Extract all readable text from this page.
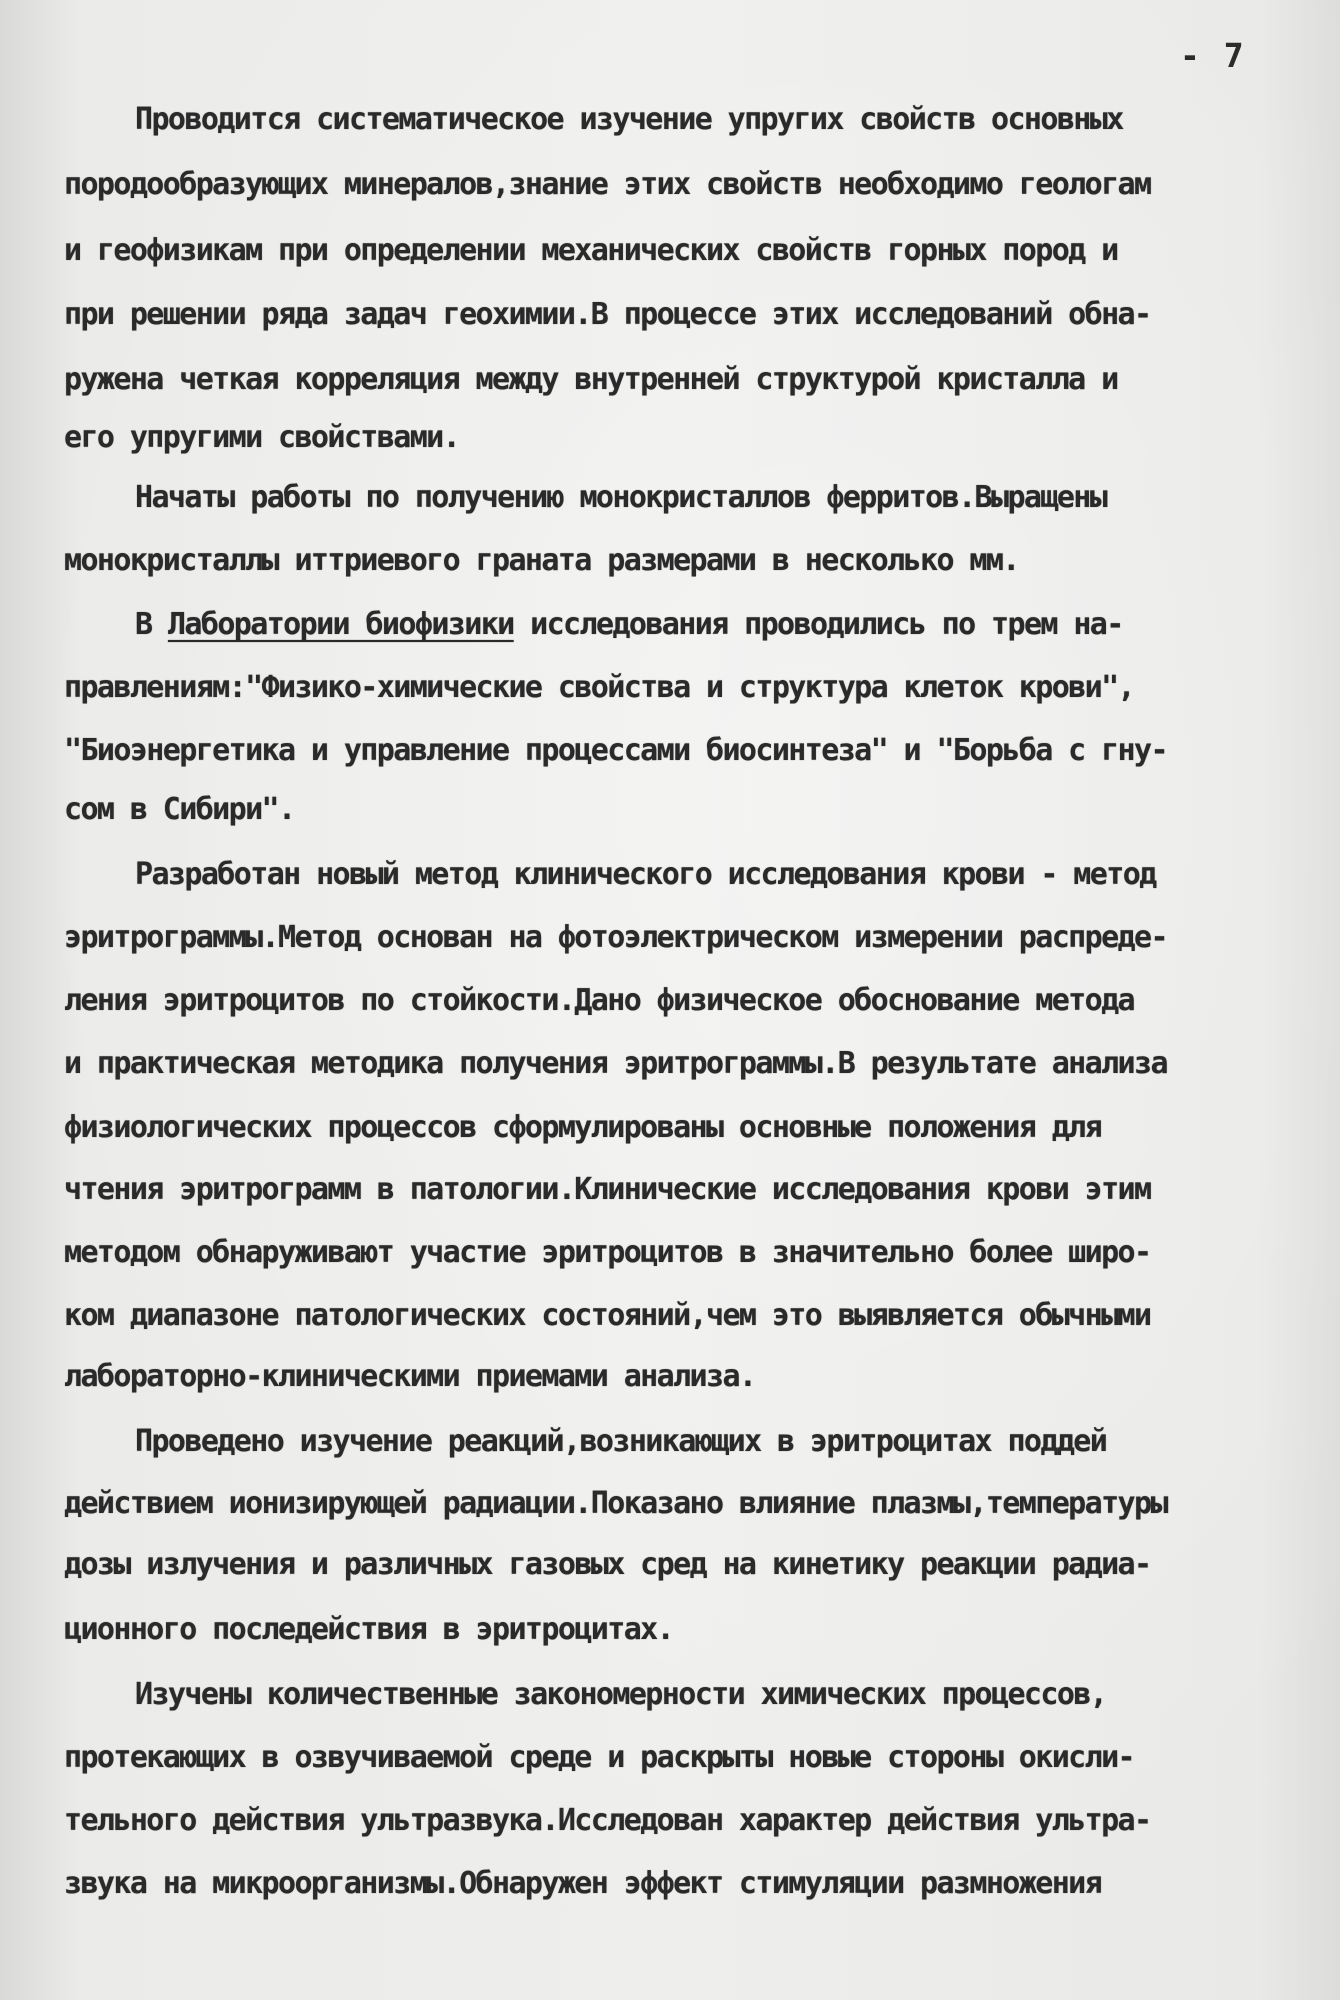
- 7
Проводится систематическое изучение упругих свойств основных
породообразующих минералов,знание этих свойств необходимо геологам
и геофизикам при определении механических свойств горных пород и
при решении ряда задач геохимии.В процессе этих исследований обна-
ружена четкая корреляция между внутренней структурой кристалла и
его упругими свойствами.
Начаты работы по получению монокристаллов ферритов.Выращены
монокристаллы иттриевого граната размерами в несколько мм.
В Лаборатории биофизики исследования проводились по трем на-
правлениям:"Физико-химические свойства и структура клеток крови",
"Биоэнергетика и управление процессами биосинтеза" и "Борьба с гну-
сом в Сибири".
Разработан новый метод клинического исследования крови - метод
эритрограммы.Метод основан на фотоэлектрическом измерении распреде-
ления эритроцитов по стойкости.Дано физическое обоснование метода
и практическая методика получения эритрограммы.В результате анализа
физиологических процессов сформулированы основные положения для
чтения эритрограмм в патологии.Клинические исследования крови этим
методом обнаруживают участие эритроцитов в значительно более широ-
ком диапазоне патологических состояний,чем это выявляется обычными
лабораторно-клиническими приемами анализа.
Проведено изучение реакций,возникающих в эритроцитах поддей
действием ионизирующей радиации.Показано влияние плазмы,температуры
дозы излучения и различных газовых сред на кинетику реакции радиа-
ционного последействия в эритроцитах.
Изучены количественные закономерности химических процессов,
протекающих в озвучиваемой среде и раскрыты новые стороны окисли-
тельного действия ультразвука.Исследован характер действия ультра-
звука на микроорганизмы.Обнаружен эффект стимуляции размножения
